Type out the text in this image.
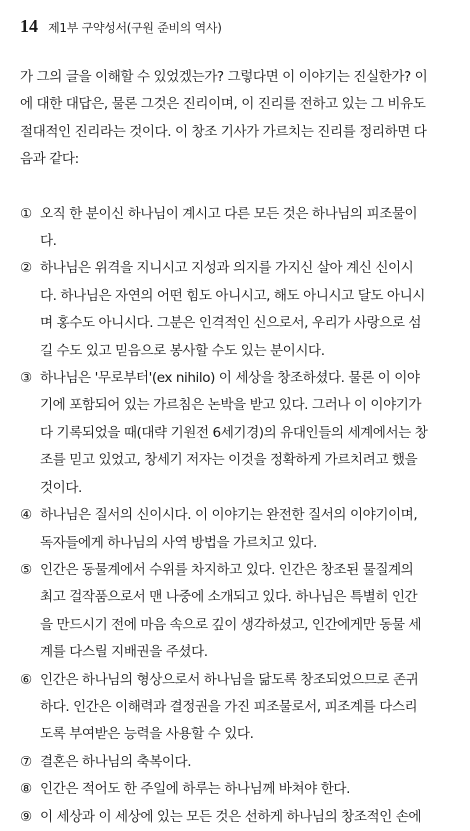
14 제1부 구약성서(구원 준비의 역사)

가 그의 글을 이해할 수 있었겠는가? 그렇다면 이 이야기는 진실한가? 이

에 대한 대답은, 물론 그것은 진리이며, 이 진리를 전하고 있는 그 비유도

절대적인 진리라는 것이다. 이 창조 기사가 가르치는 진리를 정리하면 다

음과 같다:

① 오직 한 분이신 하나님이 계시고 다른 모든 것은 하나님의 피조물이
다.
② 하나님은 위격을 지니시고 지성과 의지를 가지신 살아 계신 신이시
다. 하나님은 자연의 어떤 힘도 아니시고, 해도 아니시고 달도 아니시
며 홍수도 아니시다. 그분은 인격적인 신으로서, 우리가 사랑으로 섬
길 수도 있고 믿음으로 봉사할 수도 있는 분이시다.
③ 하나님은 '무로부터'(ex nihilo) 이 세상을 창조하셨다. 물론 이 이야
기에 포함되어 있는 가르침은 논박을 받고 있다. 그러나 이 이야기가
다 기록되었을 때(대략 기원전 6세기경)의 유대인들의 세계에서는 창
조를 믿고 있었고, 창세기 저자는 이것을 정확하게 가르치려고 했을
것이다.
④ 하나님은 질서의 신이시다. 이 이야기는 완전한 질서의 이야기이며,
독자들에게 하나님의 사역 방법을 가르치고 있다.
⑤ 인간은 동물계에서 수위를 차지하고 있다. 인간은 창조된 물질계의
최고 걸작품으로서 맨 나중에 소개되고 있다. 하나님은 특별히 인간
을 만드시기 전에 마음 속으로 깊이 생각하셨고, 인간에게만 동물 세
계를 다스릴 지배권을 주셨다.
⑥ 인간은 하나님의 형상으로서 하나님을 닮도록 창조되었으므로 존귀
하다. 인간은 이해력과 결정권을 가진 피조물로서, 피조계를 다스리
도록 부여받은 능력을 사용할 수 있다.
⑦ 결혼은 하나님의 축복이다.
⑧ 인간은 적어도 한 주일에 하루는 하나님께 바쳐야 한다.
⑨ 이 세상과 이 세상에 있는 모든 것은 선하게 하나님의 창조적인 손에
